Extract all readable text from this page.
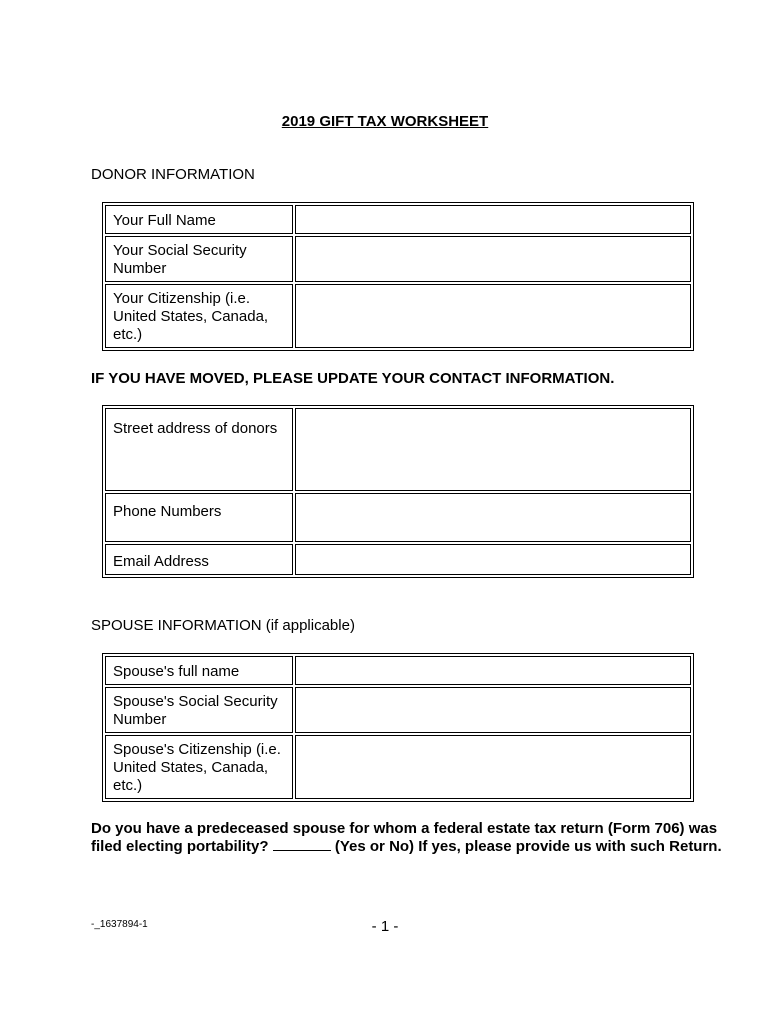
2019 GIFT TAX WORKSHEET
DONOR INFORMATION
Your Full Name	

Your Social Security Number	

Your Citizenship (i.e. United States, Canada, etc.)	
IF YOU HAVE MOVED, PLEASE UPDATE YOUR CONTACT INFORMATION.
Street address of donors	

Phone Numbers	

Email Address	
SPOUSE INFORMATION (if applicable)
Spouse's full name	

Spouse's Social Security Number	

Spouse's Citizenship (i.e. United States, Canada, etc.)	
Do you have a predeceased spouse for whom a federal estate tax return (Form 706) was filed electing portability?	(Yes or No) If yes, please provide us with such Return.
-_1637894-1	- 1 -
